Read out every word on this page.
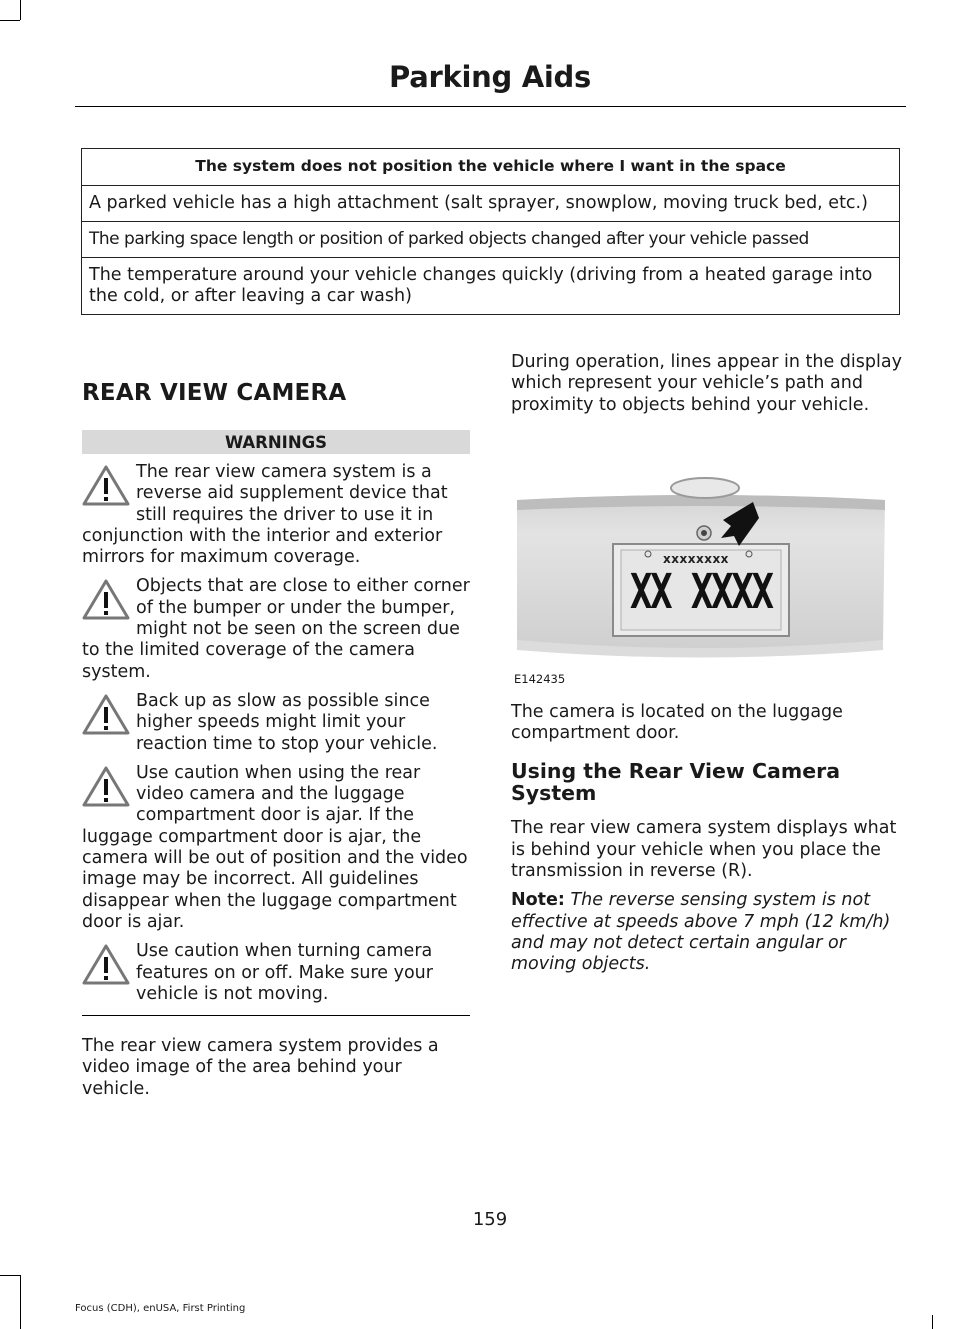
Parking Aids
The system does not position the vehicle where I want in the space
A parked vehicle has a high attachment (salt sprayer, snowplow, moving truck bed, etc.)
The parking space length or position of parked objects changed after your vehicle passed
The temperature around your vehicle changes quickly (driving from a heated garage into the cold, or after leaving a car wash)
REAR VIEW CAMERA
WARNINGS
The rear view camera system is a reverse aid supplement device that still requires the driver to use it in conjunction with the interior and exterior mirrors for maximum coverage.
Objects that are close to either corner of the bumper or under the bumper, might not be seen on the screen due to the limited coverage of the camera system.
Back up as slow as possible since higher speeds might limit your reaction time to stop your vehicle.
Use caution when using the rear video camera and the luggage compartment door is ajar. If the luggage compartment door is ajar, the camera will be out of position and the video image may be incorrect. All guidelines disappear when the luggage compartment door is ajar.
Use caution when turning camera features on or off. Make sure your vehicle is not moving.

The rear view camera system provides a video image of the area behind your vehicle.

During operation, lines appear in the display which represent your vehicle’s path and proximity to objects behind your vehicle.

xxxxxxxx
XX XXXX
E142435

The camera is located on the luggage compartment door.

Using the Rear View Camera System

The rear view camera system displays what is behind your vehicle when you place the transmission in reverse (R).

Note: The reverse sensing system is not effective at speeds above 7 mph (12 km/h) and may not detect certain angular or moving objects.

159
Focus (CDH), enUSA, First Printing
